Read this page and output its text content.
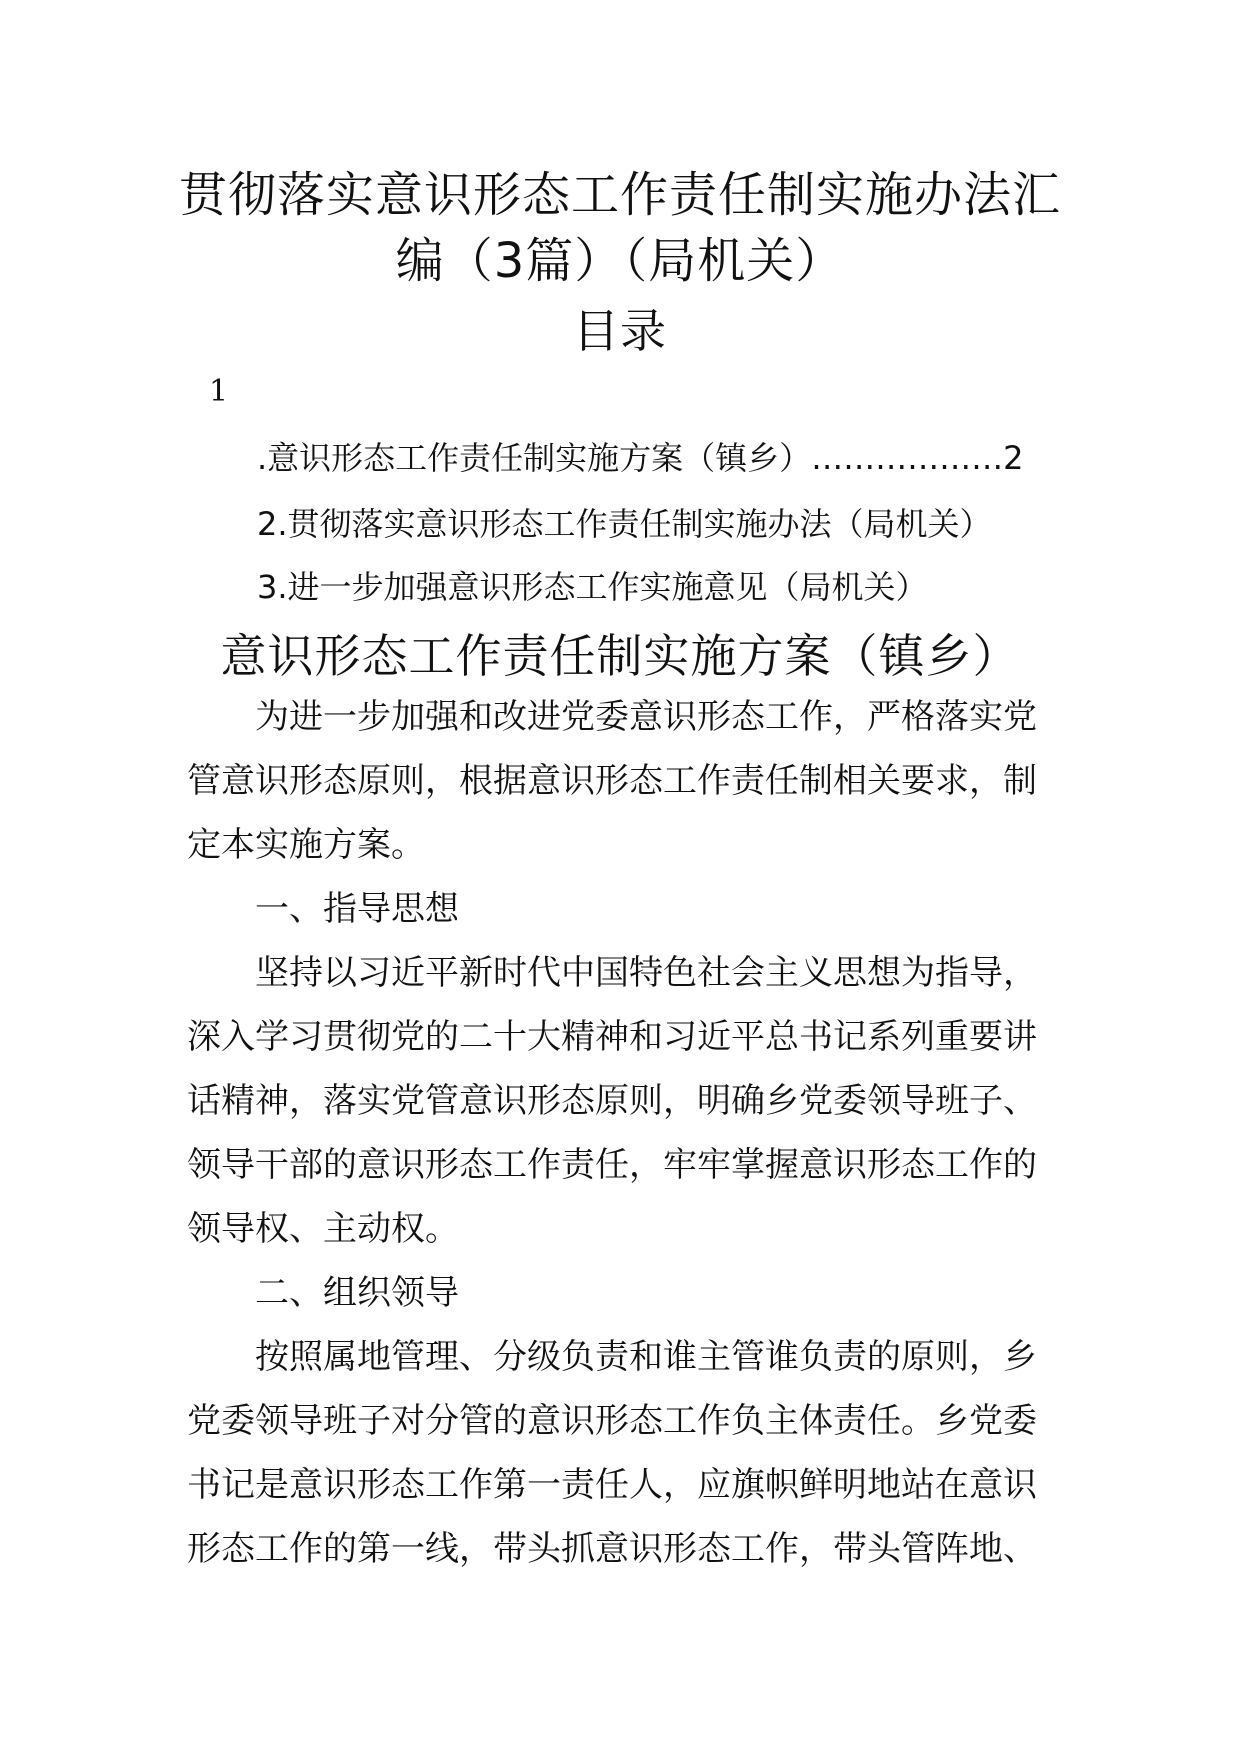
贯彻落实意识形态工作责任制实施办法汇
编（3篇）（局机关）
目录
1
.意识形态工作责任制实施方案（镇乡）………………2
2.贯彻落实意识形态工作责任制实施办法（局机关）
3.进一步加强意识形态工作实施意见（局机关）
意识形态工作责任制实施方案（镇乡）
为进一步加强和改进党委意识形态工作，严格落实党
管意识形态原则，根据意识形态工作责任制相关要求，制
定本实施方案。
一、指导思想
坚持以习近平新时代中国特色社会主义思想为指导，
深入学习贯彻党的二十大精神和习近平总书记系列重要讲
话精神，落实党管意识形态原则，明确乡党委领导班子、
领导干部的意识形态工作责任，牢牢掌握意识形态工作的
领导权、主动权。
二、组织领导
按照属地管理、分级负责和谁主管谁负责的原则，乡
党委领导班子对分管的意识形态工作负主体责任。乡党委
书记是意识形态工作第一责任人，应旗帜鲜明地站在意识
形态工作的第一线，带头抓意识形态工作，带头管阵地、
